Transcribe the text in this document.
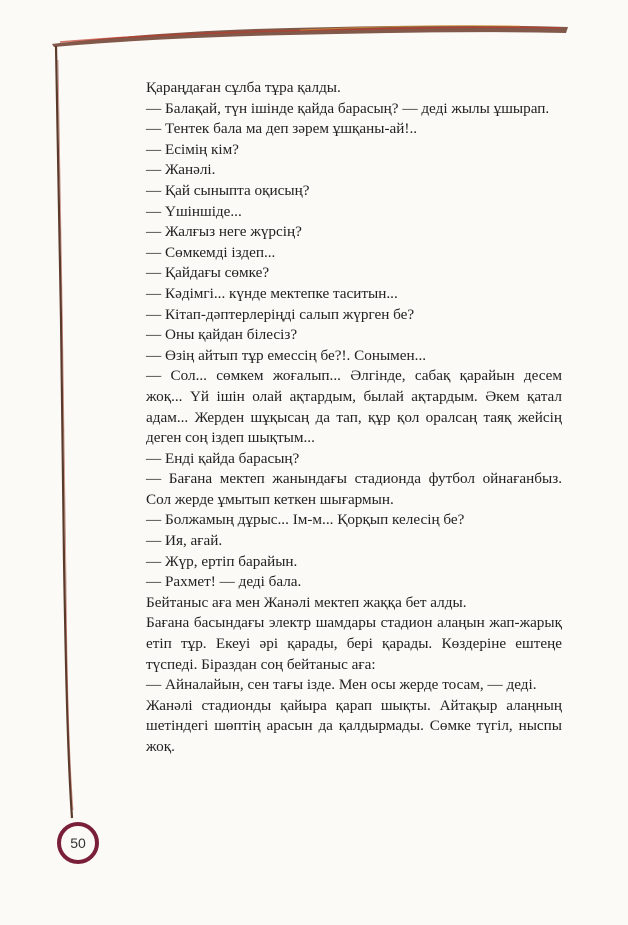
Қараңдаған сұлба тұра қалды.

— Балақай, түн ішінде қайда барасың? — деді жылы ұшырап.

— Тентек бала ма деп зәрем ұшқаны-ай!..

— Есімің кім?

— Жанәлі.

— Қай сыныпта оқисың?

— Үшіншіде...

— Жалғыз неге жүрсің?

— Сөмкемді іздеп...

— Қайдағы сөмке?

— Кәдімгі... күнде мектепке таситын...

— Кітап-дәптерлеріңді салып жүрген бе?

— Оны қайдан білесіз?

— Өзің айтып тұр емессің бе?!. Сонымен...

— Сол... сөмкем жоғалып... Әлгінде, сабақ қарайын десем жоқ... Үй ішін олай ақтардым, былай ақтардым. Әкем қатал адам... Жерден шұқысаң да тап, құр қол оралсаң таяқ жейсің деген соң іздеп шықтым...

— Енді қайда барасың?

— Бағана мектеп жанындағы стадионда футбол ойнағанбыз. Сол жерде ұмытып кеткен шығармын.

— Болжамың дұрыс... Ім-м... Қорқып келесің бе?

— Ия, ағай.

— Жүр, ертіп барайын.

— Рахмет! — деді бала.

Бейтаныс аға мен Жанәлі мектеп жаққа бет алды.

Бағана басындағы электр шамдары стадион алаңын жап-жарық етіп тұр. Екеуі әрі қарады, бері қарады. Көздеріне ештеңе түспеді. Біраздан соң бейтаныс аға:

— Айналайын, сен тағы ізде. Мен осы жерде тосам, — деді.

Жанәлі стадионды қайыра қарап шықты. Айтақыр алаңның шетіндегі шөптің арасын да қалдырмады. Сөмке түгіл, ныспы жоқ.

50
